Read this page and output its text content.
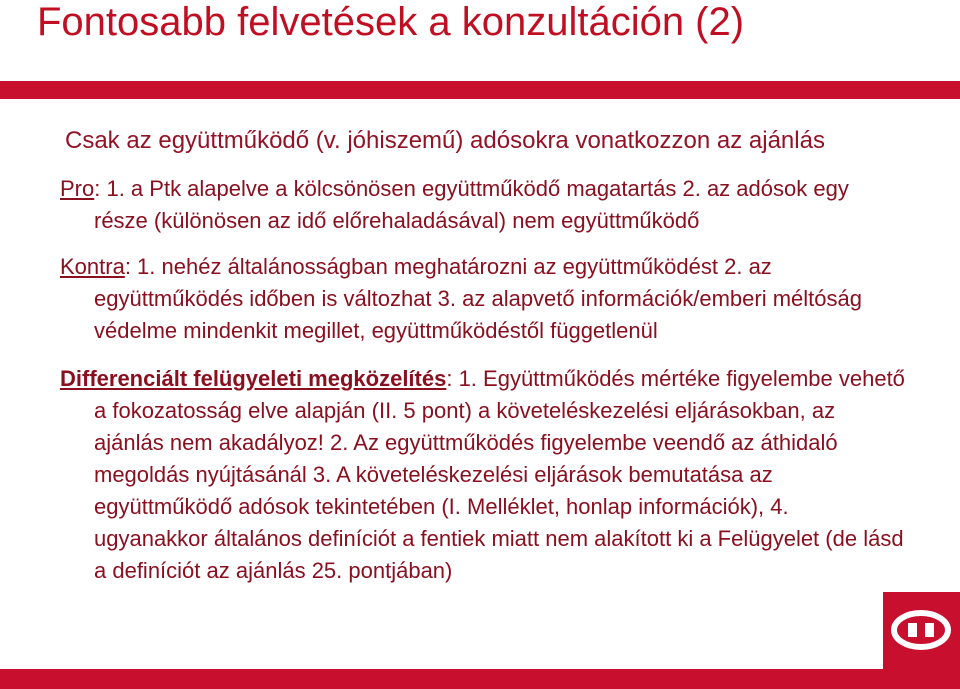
Fontosabb felvetések a konzultáción (2)

Csak az együttműködő (v. jóhiszemű) adósokra vonatkozzon az ajánlás

Pro: 1. a Ptk alapelve a kölcsönösen együttműködő magatartás 2. az adósok egy része (különösen az idő előrehaladásával) nem együttműködő

Kontra: 1. nehéz általánosságban meghatározni az együttműködést 2. az együttműködés időben is változhat 3. az alapvető információk/emberi méltóság védelme mindenkit megillet, együttműködéstől függetlenül

Differenciált felügyeleti megközelítés: 1. Együttműködés mértéke figyelembe vehető a fokozatosság elve alapján (II. 5 pont) a követeléskezelési eljárásokban, az ajánlás nem akadályoz! 2. Az együttműködés figyelembe veendő az áthidaló megoldás nyújtásánál 3. A követeléskezelési eljárások bemutatása az együttműködő adósok tekintetében (I. Melléklet, honlap információk), 4. ugyanakkor általános definíciót a fentiek miatt nem alakított ki a Felügyelet (de lásd a definíciót az ajánlás 25. pontjában)
